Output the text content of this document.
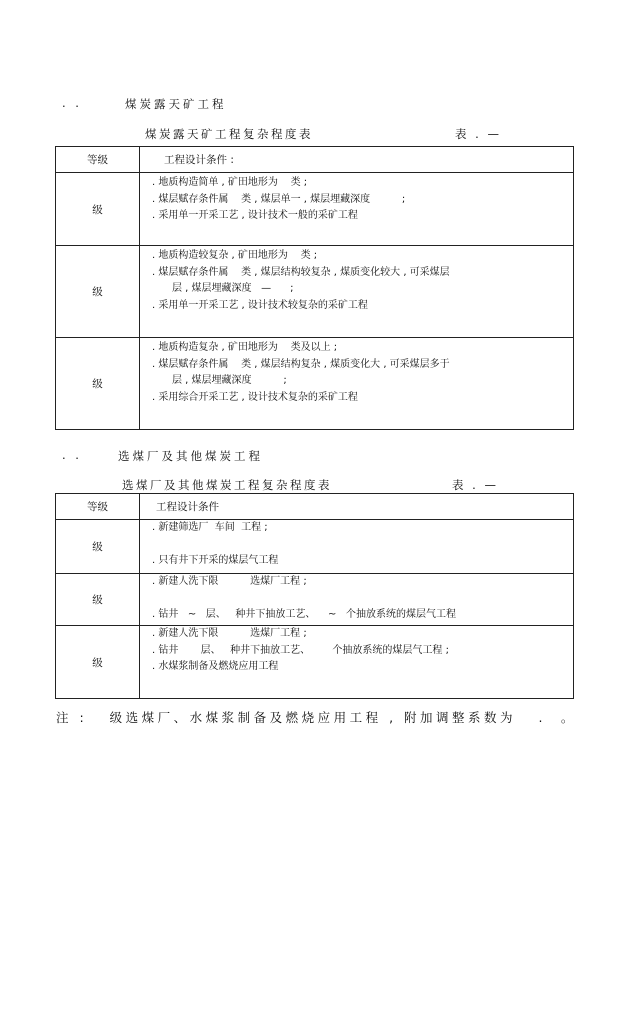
. .	煤炭露天矿工程
煤炭露天矿工程复杂程度表	表 . —
等级	工程设计条件 :
级	. 地质构造简单 , 矿田地形为    类 ;
. 煤层赋存条件属    类 , 煤层单一 , 煤层埋藏深度          ;
. 采用单一开采工艺 , 设计技术一般的采矿工程

级	. 地质构造较复杂 , 矿田地形为    类 ;
. 煤层赋存条件属    类 , 煤层结构较复杂 , 煤质变化较大 , 可采煤层
层 , 煤层埋藏深度   —      ;
. 采用单一开采工艺 , 设计技术较复杂的采矿工程

级	. 地质构造复杂 , 矿田地形为    类及以上 ;
. 煤层赋存条件属    类 , 煤层结构复杂 , 煤质变化大 , 可采煤层多于
层 , 煤层埋藏深度          ;
. 采用综合开采工艺 , 设计技术复杂的采矿工程
. .	选煤厂及其他煤炭工程
选煤厂及其他煤炭工程复杂程度表	表 . —
等级	工程设计条件
级	. 新建筛选厂  车间  工程 ;
. 只有井下开采的煤层气工程

级	. 新建人洗下限          选煤厂工程 ;
. 钻井   ~   层、   种井下抽放工艺、    ~   个抽放系统的煤层气工程

级	. 新建人洗下限          选煤厂工程 ;
. 钻井       层、   种井下抽放工艺、       个抽放系统的煤层气工程 ;
. 水煤浆制备及燃烧应用工程
注 :   级选煤厂、水煤浆制备及燃烧应用工程 , 附加调整系数为   .  。
